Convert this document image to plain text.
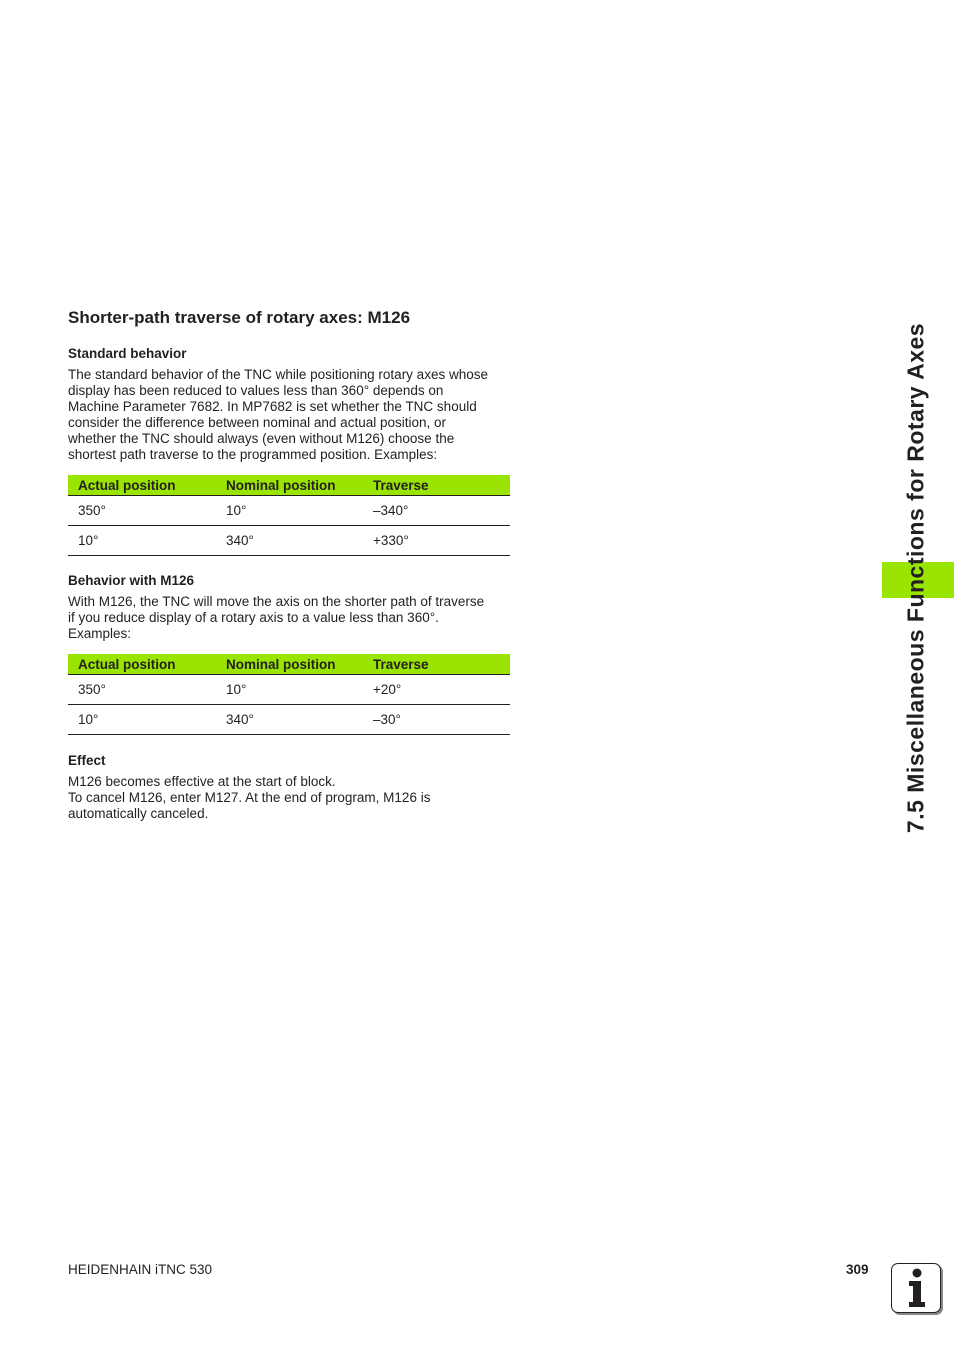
Shorter-path traverse of rotary axes: M126
Standard behavior

The standard behavior of the TNC while positioning rotary axes whose

display has been reduced to values less than 360° depends on

Machine Parameter 7682. In MP7682 is set whether the TNC should

consider the difference between nominal and actual position, or

whether the TNC should always (even without M126) choose the

shortest path traverse to the programmed position. Examples:

Actual position	Nominal position	Traverse
350°	10°	–340°
10°	340°	+330°
Behavior with M126

With M126, the TNC will move the axis on the shorter path of traverse

if you reduce display of a rotary axis to a value less than 360°.

Examples:

Actual position	Nominal position	Traverse
350°	10°	+20°
10°	340°	–30°
Effect

M126 becomes effective at the start of block.

To cancel M126, enter M127. At the end of program, M126 is

automatically canceled.	7.5 Miscellaneous Functions for Rotary Axes
HEIDENHAIN iTNC 530	309
